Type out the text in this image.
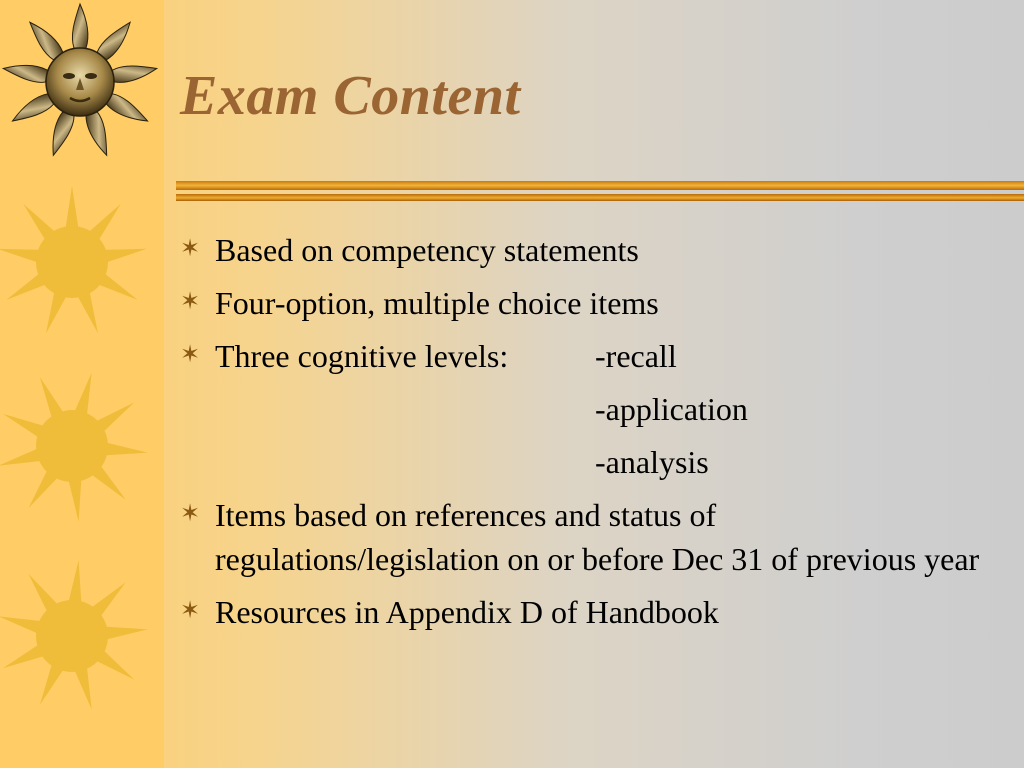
Exam Content
✶ Based on competency statements
✶ Four-option, multiple choice items
✶ Three cognitive levels:	-recall
-application
-analysis
✶ Items based on references and status of regulations/legislation on or before Dec 31 of previous year
✶ Resources in Appendix D of Handbook
